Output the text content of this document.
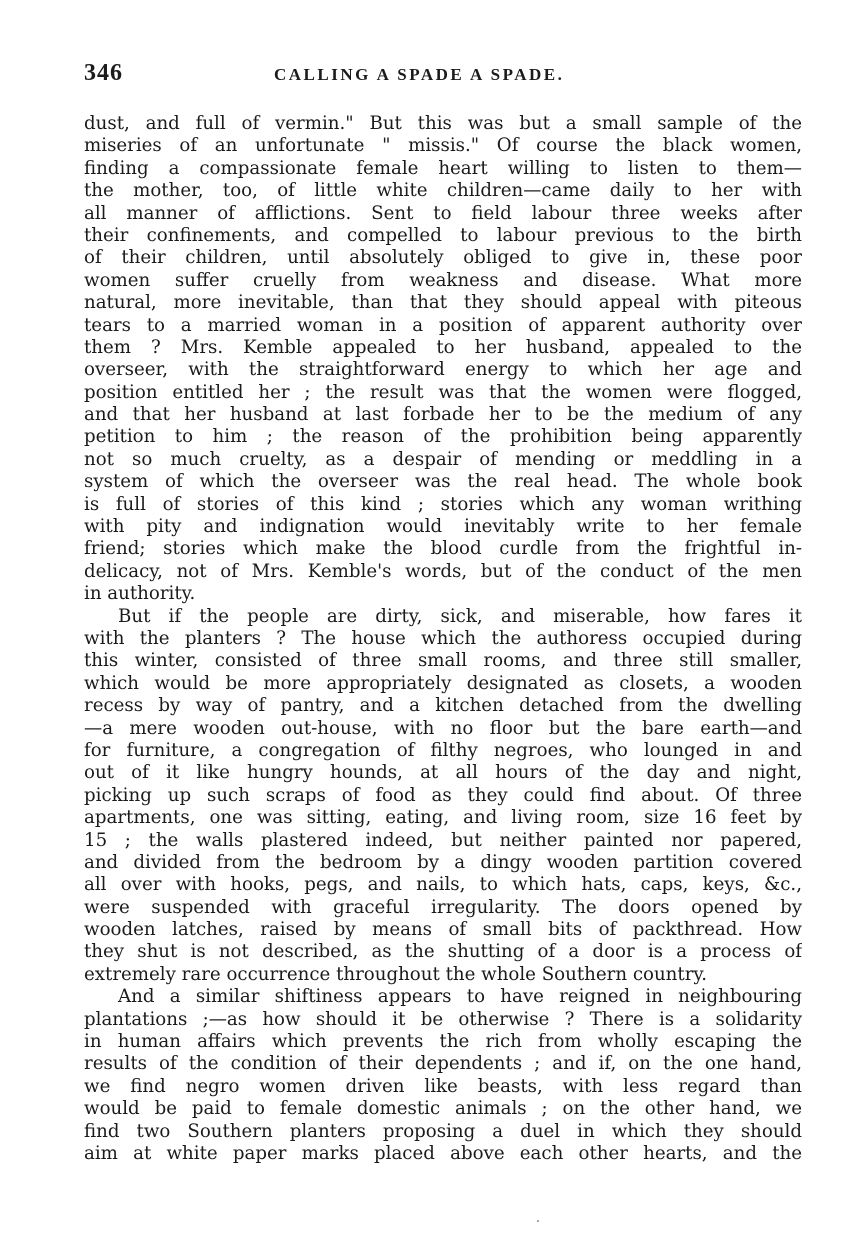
346	CALLING A SPADE A SPADE.
dust, and full of vermin." But this was but a small sample of the
miseries of an unfortunate " missis." Of course the black women,
finding a compassionate female heart willing to listen to them—
the mother, too, of little white children—came daily to her with
all manner of afflictions. Sent to field labour three weeks after
their confinements, and compelled to labour previous to the birth
of their children, until absolutely obliged to give in, these poor
women suffer cruelly from weakness and disease. What more
natural, more inevitable, than that they should appeal with piteous
tears to a married woman in a position of apparent authority over
them ? Mrs. Kemble appealed to her husband, appealed to the
overseer, with the straightforward energy to which her age and
position entitled her ; the result was that the women were flogged,
and that her husband at last forbade her to be the medium of any
petition to him ; the reason of the prohibition being apparently
not so much cruelty, as a despair of mending or meddling in a
system of which the overseer was the real head. The whole book
is full of stories of this kind ; stories which any woman writhing
with pity and indignation would inevitably write to her female
friend; stories which make the blood curdle from the frightful in-
delicacy, not of Mrs. Kemble's words, but of the conduct of the men
in authority.
But if the people are dirty, sick, and miserable, how fares it
with the planters ? The house which the authoress occupied during
this winter, consisted of three small rooms, and three still smaller,
which would be more appropriately designated as closets, a wooden
recess by way of pantry, and a kitchen detached from the dwelling
—a mere wooden out-house, with no floor but the bare earth—and
for furniture, a congregation of filthy negroes, who lounged in and
out of it like hungry hounds, at all hours of the day and night,
picking up such scraps of food as they could find about. Of three
apartments, one was sitting, eating, and living room, size 16 feet by
15 ; the walls plastered indeed, but neither painted nor papered,
and divided from the bedroom by a dingy wooden partition covered
all over with hooks, pegs, and nails, to which hats, caps, keys, &c.,
were suspended with graceful irregularity. The doors opened by
wooden latches, raised by means of small bits of packthread. How
they shut is not described, as the shutting of a door is a process of
extremely rare occurrence throughout the whole Southern country.
And a similar shiftiness appears to have reigned in neighbouring
plantations ;—as how should it be otherwise ? There is a solidarity
in human affairs which prevents the rich from wholly escaping the
results of the condition of their dependents ; and if, on the one hand,
we find negro women driven like beasts, with less regard than
would be paid to female domestic animals ; on the other hand, we
find two Southern planters proposing a duel in which they should
aim at white paper marks placed above each other hearts, and the
